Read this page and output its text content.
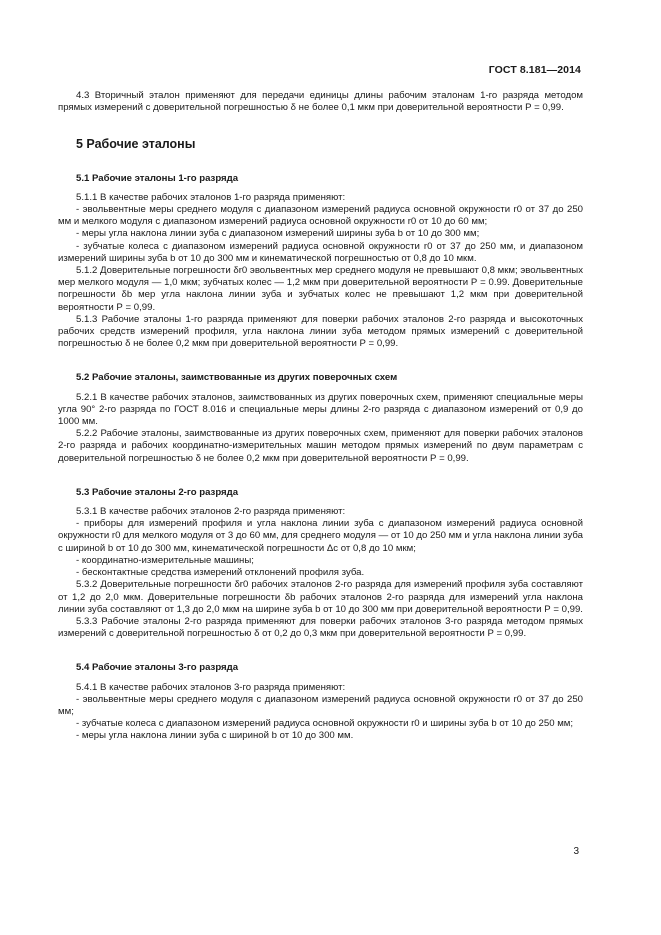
ГОСТ 8.181—2014

4.3 Вторичный эталон применяют для передачи единицы длины рабочим эталонам 1-го разряда методом прямых измерений с доверительной погрешностью δ не более 0,1 мкм при доверительной вероятности Р = 0,99.

5 Рабочие эталоны
5.1 Рабочие эталоны 1-го разряда

5.1.1 В качестве рабочих эталонов 1-го разряда применяют:

- эвольвентные меры среднего модуля с диапазоном измерений радиуса основной окружности r0 от 37 до 250 мм и мелкого модуля с диапазоном измерений радиуса основной окружности r0 от 10 до 60 мм;

- меры угла наклона линии зуба с диапазоном измерений ширины зуба b от 10 до 300 мм;

- зубчатые колеса с диапазоном измерений радиуса основной окружности r0 от 37 до 250 мм, и диапазоном измерений ширины зуба b от 10 до 300 мм и кинематической погрешностью от 0,8 до 10 мкм.

5.1.2 Доверительные погрешности δr0 эвольвентных мер среднего модуля не превышают 0,8 мкм; эвольвентных мер мелкого модуля — 1,0 мкм; зубчатых колес — 1,2 мкм при доверительной вероятности Р = 0.99. Доверительные погрешности δb мер угла наклона линии зуба и зубчатых колес не превышают 1,2 мкм при доверительной вероятности Р = 0,99.

5.1.3 Рабочие эталоны 1-го разряда применяют для поверки рабочих эталонов 2-го разряда и высокоточных рабочих средств измерений профиля, угла наклона линии зуба методом прямых измерений с доверительной погрешностью δ не более 0,2 мкм при доверительной вероятности Р = 0,99.

5.2 Рабочие эталоны, заимствованные из других поверочных схем

5.2.1 В качестве рабочих эталонов, заимствованных из других поверочных схем, применяют специальные меры угла 90° 2-го разряда по ГОСТ 8.016 и специальные меры длины 2-го разряда с диапазоном измерений от 0,9 до 1000 мм.

5.2.2 Рабочие эталоны, заимствованные из других поверочных схем, применяют для поверки рабочих эталонов 2-го разряда и рабочих координатно-измерительных машин методом прямых измерений по двум параметрам с доверительной погрешностью δ не более 0,2 мкм при доверительной вероятности Р = 0,99.

5.3 Рабочие эталоны 2-го разряда

5.3.1 В качестве рабочих эталонов 2-го разряда применяют:

- приборы для измерений профиля и угла наклона линии зуба с диапазоном измерений радиуса основной окружности r0 для мелкого модуля от 3 до 60 мм, для среднего модуля — от 10 до 250 мм и угла наклона линии зуба с шириной b от 10 до 300 мм, кинематической погрешности Δc от 0,8 до 10 мкм;

- координатно-измерительные машины;

- бесконтактные средства измерений отклонений профиля зуба.

5.3.2 Доверительные погрешности δr0 рабочих эталонов 2-го разряда для измерений профиля зуба составляют от 1,2 до 2,0 мкм. Доверительные погрешности δb рабочих эталонов 2-го разряда для измерений угла наклона линии зуба составляют от 1,3 до 2,0 мкм на ширине зуба b от 10 до 300 мм при доверительной вероятности Р = 0,99.

5.3.3 Рабочие эталоны 2-го разряда применяют для поверки рабочих эталонов 3-го разряда методом прямых измерений с доверительной погрешностью δ от 0,2 до 0,3 мкм при доверительной вероятности Р = 0,99.

5.4 Рабочие эталоны 3-го разряда

5.4.1 В качестве рабочих эталонов 3-го разряда применяют:

- эвольвентные меры среднего модуля с диапазоном измерений радиуса основной окружности r0 от 37 до 250 мм;

- зубчатые колеса с диапазоном измерений радиуса основной окружности r0 и ширины зуба b от 10 до 250 мм;

- меры угла наклона линии зуба с шириной b от 10 до 300 мм.

3
